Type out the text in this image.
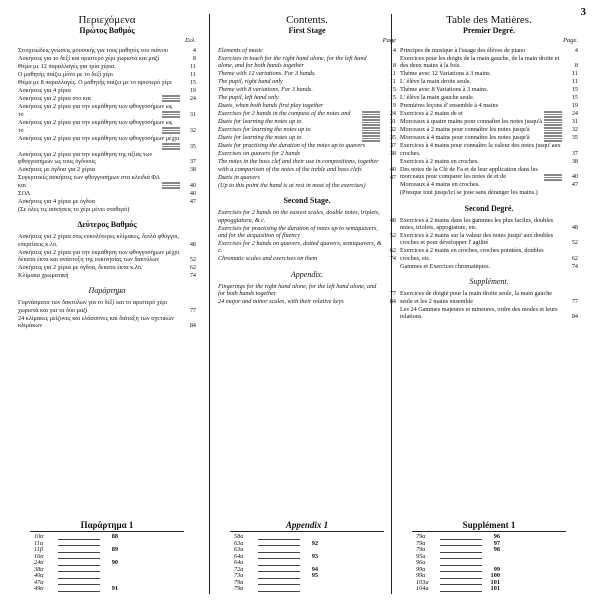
3
Περιεχόμενα
Πρώτος Βαθμός
Σελ.
Στοιχειώδεις γνώσεις μουσικής για τους μαθητές του πιάνου	4
Ασκήσεις για το δεξί και αριστερό χέρι χωριστά και μαζί	8
Θέμα με 12 παραλλαγές για τρία χέρια.	11
Ο μαθητής παίζει μόνο με το δεξί χέρι	11
Θέμα με 8 παραλλαγές. Ο μαθητής παίζει με το αριστερό χέρι	15
Ασκήσεις για 4 χέρια	19
Ασκήσεις για 2 χέρια στο και	24
Ασκήσεις για 2 χέρια για την εκμάθηση των φθογγοσήμων ως
το	31
Ασκήσεις για 2 χέρια για την εκμάθηση των φθογγοσήμων ως
το	32
Ασκήσεις για 2 χέρια για την εκμάθηση των φθογγοσήμων μέχρι
35
Ασκήσεις για 2 χέρια για την εκμάθηση της αξίας των φθογγοσήμων ως τους όγδοους	37
Ασκήσεις με όγδοα για 2 χέρια	38
Συγκριτικές ασκήσεις των φθογγοσήμων στα κλειδιά ΦΑ και	40
ΣΟΛ	40
Ασκήσεις για 4 χέρια με όγδοα	47
(Σε όλες τις ασκήσεις το χέρι μένει σταθερό)
Δεύτερος Βαθμός
Ασκήσεις για 2 χέρια στις ευκολότερες κλίμακες, διπλά φθόγγοι, επερείσεις κ.λπ.	48
Ασκήσεις για 2 χέρια για την εκμάθηση των φθογγοσήμων μέχρι δέκατα έκτα και ανάπτυξη της ευκινησίας των δακτύλων	52
Ασκήσεις για 2 χέρια με όγδοα, δεκατα έκτα κ.λπ.	62
Κλίμακα χρωματική	74
Παράρτημα
Γυμνάσματα των δακτύλων για το δεξί και το αριστερό χέρι χωριστά και για τα δύο μαζί	77
24 κλίμακες μείζονες και ελάσσονες και διάταξη των σχετικών κλιμάκων	84
Contents.
First Stage
Page
Elements of music	4
Exercises in touch for the right hand alone, for the left hand alone, and for both hands together	8
Theme with 12 variations. For 3 hands.	11
The pupil, right hand only	11
Theme with 8 variations. For 3 hands.	15
The pupil, left hand only	15
Duets, when both hands first play together	19
Exercises for 2 hands in the compass of the notes and	24
Duets for learning the notes up to	31
Exercises for learning the notes up to	32
Duets for learning the notes up to	35
Duets for practising the duration of the notes up to quavers	37
Exercises on quavers for 2 hands	38
The notes in the bass clef and their use in compositions, together with a comparison of the notes of the treble and bass clefs	40
Duets in quavers	47
(Up to this point the hand is at rest in most of the exercises)
Second Stage.
Exercises for 2 hands on the easiest scales, double notes, triplets, appoggiatura, & c.	48
Exercises for practising the duration of notes up to semiquavers, and for the acquisition of fluency	52
Exercises for 2 hands on quavers, dotted quavers, semiquavers, & c.	62
Chromatic scales and exercises on them	74
Appendix.
Fingerings for the right hand alone, for the left hand alone, and for both hands together	77
24 major and minor scales, with their relative keys	84
Table des Matières.
Premier Degré.
Page.
Principes de musique à l'usage des élèves de piano	4
Exercices pour les doigts de la main gauche, de la main droite et des deux mains à la fois.	8
Thème avec 12 Variations à 3 mains.	11
L' élève la main droite seule.	11
Thème avec 8 Variations à 3 mains.	15
L' élève la main gauche seule.	15
Premières leçons d' ensemble à 4 mains	19
Exercices à 2 mains de et	24
Morceaux à quatre mains pour connaître les notes jusqu'à	31
Morceaux à 2 mains pour connaître les notes jusqu'à	32
Morceaux à 4 mains pour connaître les notes jusqu'à	35
Exercices à 4 mains pour connaître la valeur des notes jusqu' aux croches.	37
Exercices à 2 mains en croches.	38
Des notes de la Clé de Fa et de leur application dans les morceaux pour comparer les notes de et de	40
Morceaux à 4 mains en croches.	47
(Presque tout jusqu'ici se joue sans déranger les mains.)
Second Degré.
Exercices à 2 mains dans les gammes les plus faciles, doubles notes, triolets, appogiature, etc.	48
Exercices à 2 mains sur la valeur des notes jusqu' aux doubles croches et pour développer l' agilité	52
Exercices à 2 mains en croches, croches pointées, doubles croches, etc.	62
Gammes et Exercices chromatiques.	74
Supplément.
Exercices de doigté pour la main droite seule, la main gauche seule et les 2 mains ensemble	77
Les 24 Gammes majeures et mineures, ordre des modes et leurs relations.	84
Παράρτημα 1
10α	88
11α
11β	89
16α
24α	90
38α
40α
47α
49α	91
Appendix 1
58a
63a	92
63a
64a	93
64a
72a	94
73a	95
79a
79a
Supplément 1
79a	96
79a	97
79a	98
95a
96a
99a	99
99a	100
103a	101
104a	101
